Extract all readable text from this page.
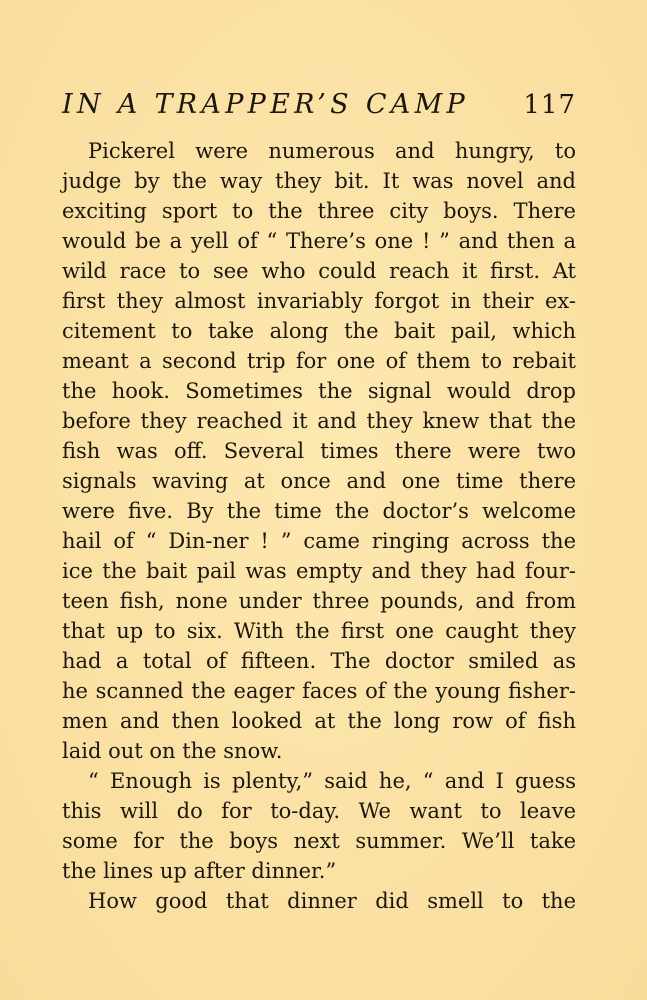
IN A TRAPPER’S CAMP 117
Pickerel were numerous and hungry, to
judge by the way they bit. It was novel and
exciting sport to the three city boys. There
would be a yell of “ There’s one ! ” and then a
wild race to see who could reach it first. At
first they almost invariably forgot in their ex-
citement to take along the bait pail, which
meant a second trip for one of them to rebait
the hook. Sometimes the signal would drop
before they reached it and they knew that the
fish was off. Several times there were two
signals waving at once and one time there
were five. By the time the doctor’s welcome
hail of “ Din-ner ! ” came ringing across the
ice the bait pail was empty and they had four-
teen fish, none under three pounds, and from
that up to six. With the first one caught they
had a total of fifteen. The doctor smiled as
he scanned the eager faces of the young fisher-
men and then looked at the long row of fish
laid out on the snow.
“ Enough is plenty,” said he, “ and I guess
this will do for to-day. We want to leave
some for the boys next summer. We’ll take
the lines up after dinner.”
How good that dinner did smell to the
